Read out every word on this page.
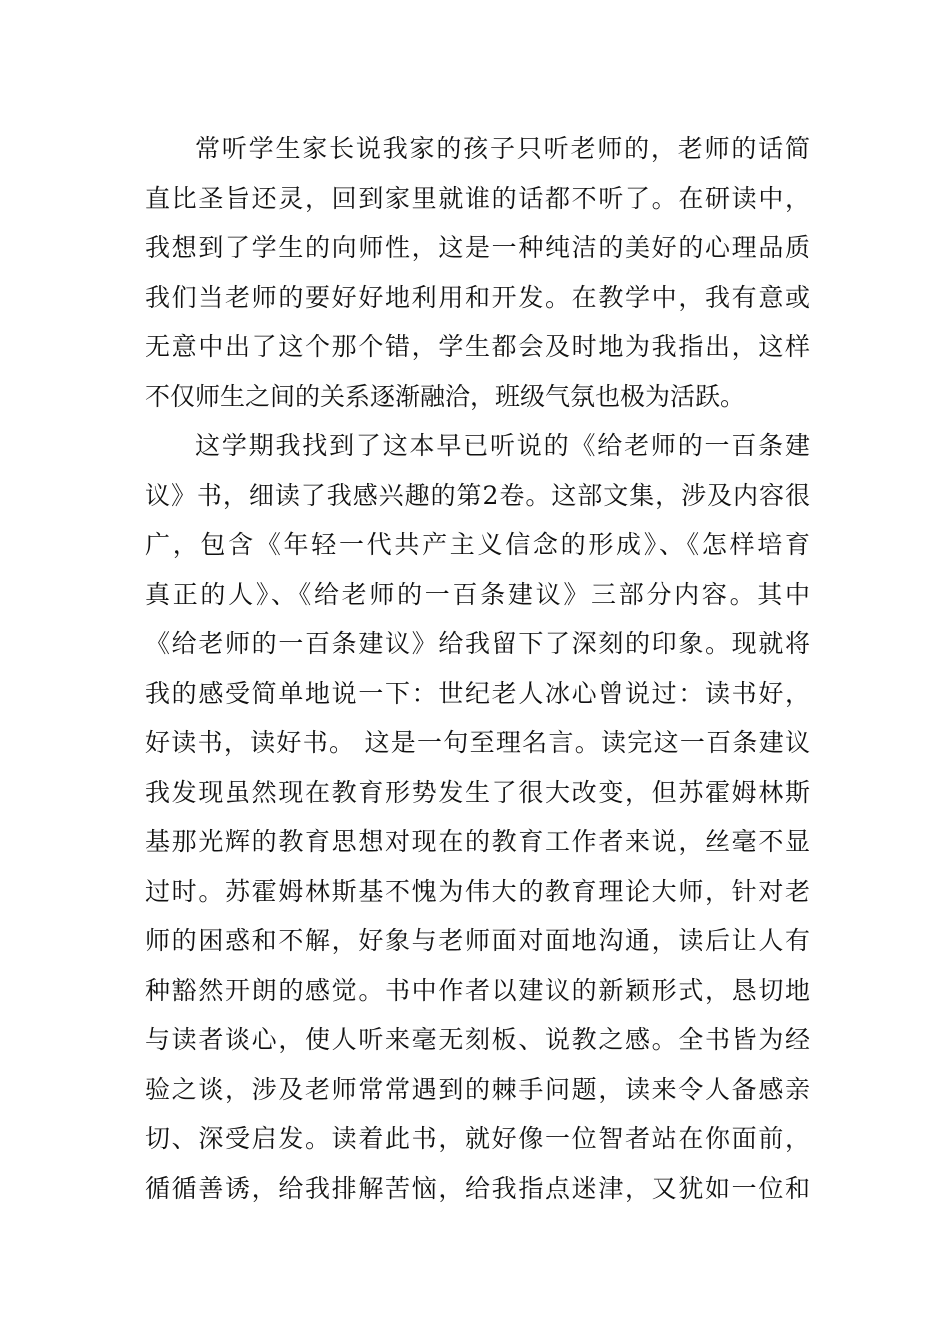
常听学生家长说我家的孩子只听老师的，老师的话简
直比圣旨还灵，回到家里就谁的话都不听了。在研读中，
我想到了学生的向师性，这是一种纯洁的美好的心理品质
我们当老师的要好好地利用和开发。在教学中，我有意或
无意中出了这个那个错，学生都会及时地为我指出，这样
不仅师生之间的关系逐渐融洽，班级气氛也极为活跃。
这学期我找到了这本早已听说的《给老师的一百条建
议》书，细读了我感兴趣的第2卷。这部文集，涉及内容很
广，包含《年轻一代共产主义信念的形成》、《怎样培育
真正的人》、《给老师的一百条建议》三部分内容。其中
《给老师的一百条建议》给我留下了深刻的印象。现就将
我的感受简单地说一下：世纪老人冰心曾说过：读书好，
好读书，读好书。 这是一句至理名言。读完这一百条建议
我发现虽然现在教育形势发生了很大改变，但苏霍姆林斯
基那光辉的教育思想对现在的教育工作者来说，丝毫不显
过时。苏霍姆林斯基不愧为伟大的教育理论大师，针对老
师的困惑和不解，好象与老师面对面地沟通，读后让人有
种豁然开朗的感觉。书中作者以建议的新颖形式，恳切地
与读者谈心，使人听来毫无刻板、说教之感。全书皆为经
验之谈，涉及老师常常遇到的棘手问题，读来令人备感亲
切、深受启发。读着此书，就好像一位智者站在你面前，
循循善诱，给我排解苦恼，给我指点迷津，又犹如一位和
